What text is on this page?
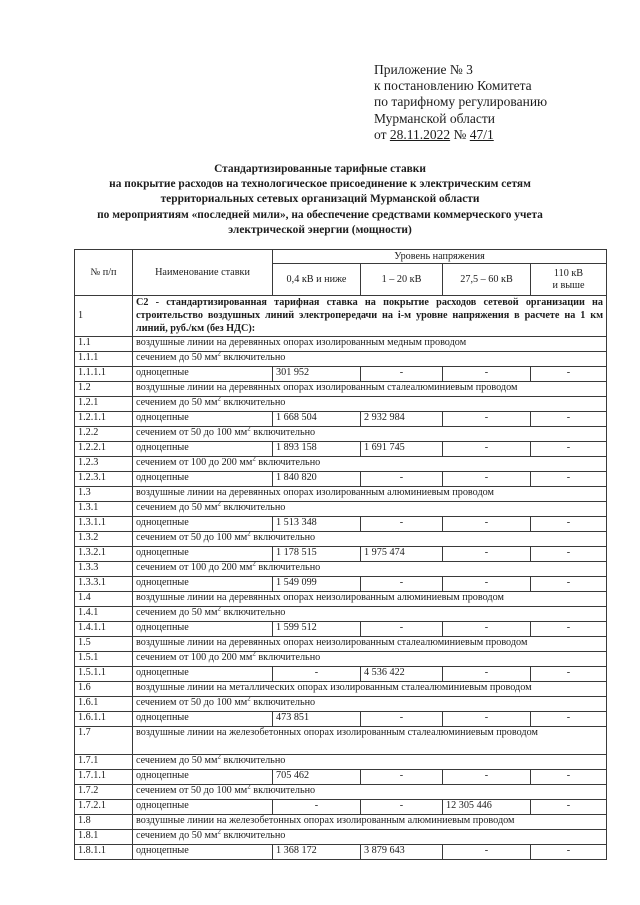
Приложение № 3
к постановлению Комитета
по тарифному регулированию
Мурманской области
от 28.11.2022 № 47/1
Стандартизированные тарифные ставки
на покрытие расходов на технологическое присоединение к электрическим сетям
территориальных сетевых организаций Мурманской области
по мероприятиям «последней мили», на обеспечение средствами коммерческого учета
электрической энергии (мощности)
№ п/п	Наименование ставки	Уровень напряжения			
		0,4 кВ и ниже	1 – 20 кВ	27,5 – 60 кВ	110 кВ
и выше

1	С2 - стандартизированная тарифная ставка на покрытие расходов сетевой организации на строительство воздушных линий электропередачи на i-м уровне напряжения в расчете на 1 км линий, руб./км (без НДС):				
1.1	воздушные линии на деревянных опорах изолированным медным проводом				
1.1.1	сечением до 50 $мм^2$ включительно				
1.1.1.1	одноцепные	301 952	-	-	-
1.2	воздушные линии на деревянных опорах изолированным сталеалюминиевым проводом				
1.2.1	сечением до 50 $мм^2$ включительно				
1.2.1.1	одноцепные	1 668 504	2 932 984	-	-
1.2.2	сечением от 50 до 100 $мм^2$ включительно				
1.2.2.1	одноцепные	1 893 158	1 691 745	-	-
1.2.3	сечением от 100 до 200 $мм^2$ включительно				
1.2.3.1	одноцепные	1 840 820	-	-	-
1.3	воздушные линии на деревянных опорах изолированным алюминиевым проводом				
1.3.1	сечением до 50 $мм^2$ включительно				
1.3.1.1	одноцепные	1 513 348	-	-	-
1.3.2	сечением от 50 до 100 $мм^2$ включительно				
1.3.2.1	одноцепные	1 178 515	1 975 474	-	-
1.3.3	сечением от 100 до 200 $мм^2$ включительно				
1.3.3.1	одноцепные	1 549 099	-	-	-
1.4	воздушные линии на деревянных опорах неизолированным алюминиевым проводом				
1.4.1	сечением до 50 $мм^2$ включительно				
1.4.1.1	одноцепные	1 599 512	-	-	-
1.5	воздушные линии на деревянных опорах неизолированным сталеалюминиевым проводом				
1.5.1	сечением от 100 до 200 $мм^2$ включительно				
1.5.1.1	одноцепные	-	4 536 422	-	-
1.6	воздушные линии на металлических опорах изолированным сталеалюминиевым проводом				
1.6.1	сечением от 50 до 100 $мм^2$ включительно				
1.6.1.1	одноцепные	473 851	-	-	-
1.7	воздушные линии на железобетонных опорах изолированным сталеалюминиевым проводом				
1.7.1	сечением до 50 $мм^2$ включительно				
1.7.1.1	одноцепные	705 462	-	-	-
1.7.2	сечением от 50 до 100 $мм^2$ включительно				
1.7.2.1	одноцепные	-	-	12 305 446	-
1.8	воздушные линии на железобетонных опорах изолированным алюминиевым проводом				
1.8.1	сечением до 50 $мм^2$ включительно				
1.8.1.1	одноцепные	1 368 172	3 879 643	-	-
